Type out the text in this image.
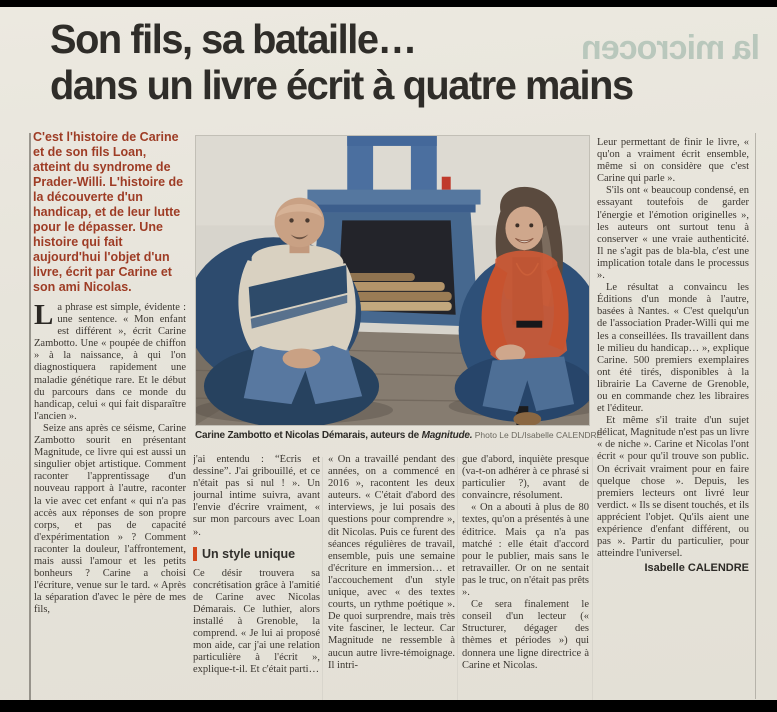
la microcen
Son fils, sa bataille…
dans un livre écrit à quatre mains
C'est l'histoire de Carine et de son fils Loan, atteint du syndrome de Prader-Willi. L'histoire de la découverte d'un handicap, et de leur lutte pour le dépasser. Une histoire qui fait aujourd'hui l'objet d'un livre, écrit par Carine et son ami Nicolas.

La phrase est simple, évidente : une sentence. « Mon enfant est différent », écrit Carine Zambotto. Une « poupée de chiffon » à la naissance, à qui l'on diagnostiquera rapidement une maladie génétique rare. Et le début du parcours dans ce monde du handicap, celui « qui fait disparaître l'ancien ».

Seize ans après ce séisme, Carine Zambotto sourit en présentant Magnitude, ce livre qui est aussi un singulier objet artistique. Comment raconter l'apprentissage d'un nouveau rapport à l'autre, raconter la vie avec cet enfant « qui n'a pas accès aux réponses de son propre corps, et pas de capacité d'expérimentation » ? Comment raconter la douleur, l'affrontement, mais aussi l'amour et les petits bonheurs ? Carine a choisi l'écriture, venue sur le tard. « Après la séparation d'avec le père de mes fils,

Carine Zambotto et Nicolas Démarais, auteurs de Magnitude. Photo Le DL/Isabelle CALENDRE

j'ai entendu : “Écris et dessine”. J'ai gribouillé, et ce n'était pas si nul ! ». Un journal intime suivra, avant l'envie d'écrire vraiment, « sur mon parcours avec Loan ».

Un style unique

Ce désir trouvera sa concrétisation grâce à l'amitié de Carine avec Nicolas Démarais. Ce luthier, alors installé à Grenoble, la comprend. « Je lui ai proposé mon aide, car j'ai une relation particulière à l'écrit », explique-t-il. Et c'était parti…

« On a travaillé pendant des années, on a commencé en 2016 », racontent les deux auteurs. « C'était d'abord des interviews, je lui posais des questions pour comprendre », dit Nicolas. Puis ce furent des séances régulières de travail, ensemble, puis une semaine d'écriture en immersion… et l'accouchement d'un style unique, avec « des textes courts, un rythme poétique ». De quoi surprendre, mais très vite fasciner, le lecteur. Car Magnitude ne ressemble à aucun autre livre-témoignage. Il intri-

gue d'abord, inquiète presque (va-t-on adhérer à ce phrasé si particulier ?), avant de convaincre, résolument.

« On a abouti à plus de 80 textes, qu'on a présentés à une éditrice. Mais ça n'a pas matché : elle était d'accord pour le publier, mais sans le retravailler. Or on ne sentait pas le truc, on n'était pas prêts ».

Ce sera finalement le conseil d'un lecteur (« Structurer, dégager des thèmes et périodes ») qui donnera une ligne directrice à Carine et Nicolas.

Leur permettant de finir le livre, « qu'on a vraiment écrit ensemble, même si on considère que c'est Carine qui parle ».

S'ils ont « beaucoup condensé, en essayant toutefois de garder l'énergie et l'émotion originelles », les auteurs ont surtout tenu à conserver « une vraie authenticité. Il ne s'agit pas de bla-bla, c'est une implication totale dans le processus ».

Le résultat a convaincu les Éditions d'un monde à l'autre, basées à Nantes. « C'est quelqu'un de l'association Prader-Willi qui me les a conseillées. Ils travaillent dans le milieu du handicap… », explique Carine. 500 premiers exemplaires ont été tirés, disponibles à la librairie La Caverne de Grenoble, ou en commande chez les libraires et l'éditeur.

Et même s'il traite d'un sujet délicat, Magnitude n'est pas un livre « de niche ». Carine et Nicolas l'ont écrit « pour qu'il trouve son public. On écrivait vraiment pour en faire quelque chose ». Depuis, les premiers lecteurs ont livré leur verdict. « Ils se disent touchés, et ils apprécient l'objet. Qu'ils aient une expérience d'enfant différent, ou pas ». Partir du particulier, pour atteindre l'universel.

Isabelle CALENDRE
